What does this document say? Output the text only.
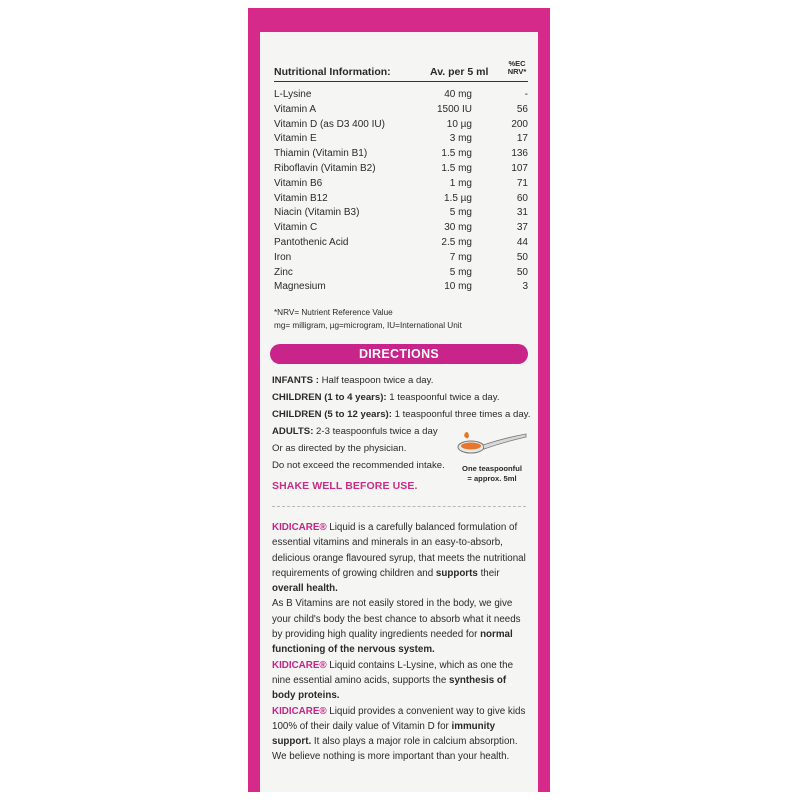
Nutritional Information:	Av. per 5 ml
%EC
NRV*
L-Lysine	40 mg	-
Vitamin A	1500 IU	56
Vitamin D (as D3 400 IU)	10 µg	200
Vitamin E	3 mg	17
Thiamin (Vitamin B1)	1.5 mg	136
Riboflavin (Vitamin B2)	1.5 mg	107
Vitamin B6	1 mg	71
Vitamin B12	1.5 µg	60
Niacin (Vitamin B3)	5 mg	31
Vitamin C	30 mg	37
Pantothenic Acid	2.5 mg	44
Iron	7 mg	50
Zinc	5 mg	50
Magnesium	10 mg	3
*NRV= Nutrient Reference Value
mg= milligram, µg=microgram, IU=International Unit
DIRECTIONS
INFANTS : Half teaspoon twice a day.
CHILDREN (1 to 4 years): 1 teaspoonful twice a day.
CHILDREN (5 to 12 years): 1 teaspoonful three times a day.
ADULTS: 2-3 teaspoonfuls twice a day
Or as directed by the physician.
Do not exceed the recommended intake.	One teaspoonful
= approx. 5ml
SHAKE WELL BEFORE USE.

KIDICARE® Liquid is a carefully balanced formulation of essential vitamins and minerals in an easy-to-absorb, delicious orange flavoured syrup, that meets the nutritional requirements of growing children and supports their overall health.

As B Vitamins are not easily stored in the body, we give your child's body the best chance to absorb what it needs by providing high quality ingredients needed for normal functioning of the nervous system.

KIDICARE® Liquid contains L-Lysine, which as one the nine essential amino acids, supports the synthesis of body proteins.

KIDICARE® Liquid provides a convenient way to give kids 100% of their daily value of Vitamin D for immunity support. It also plays a major role in calcium absorption. We believe nothing is more important than your health.
